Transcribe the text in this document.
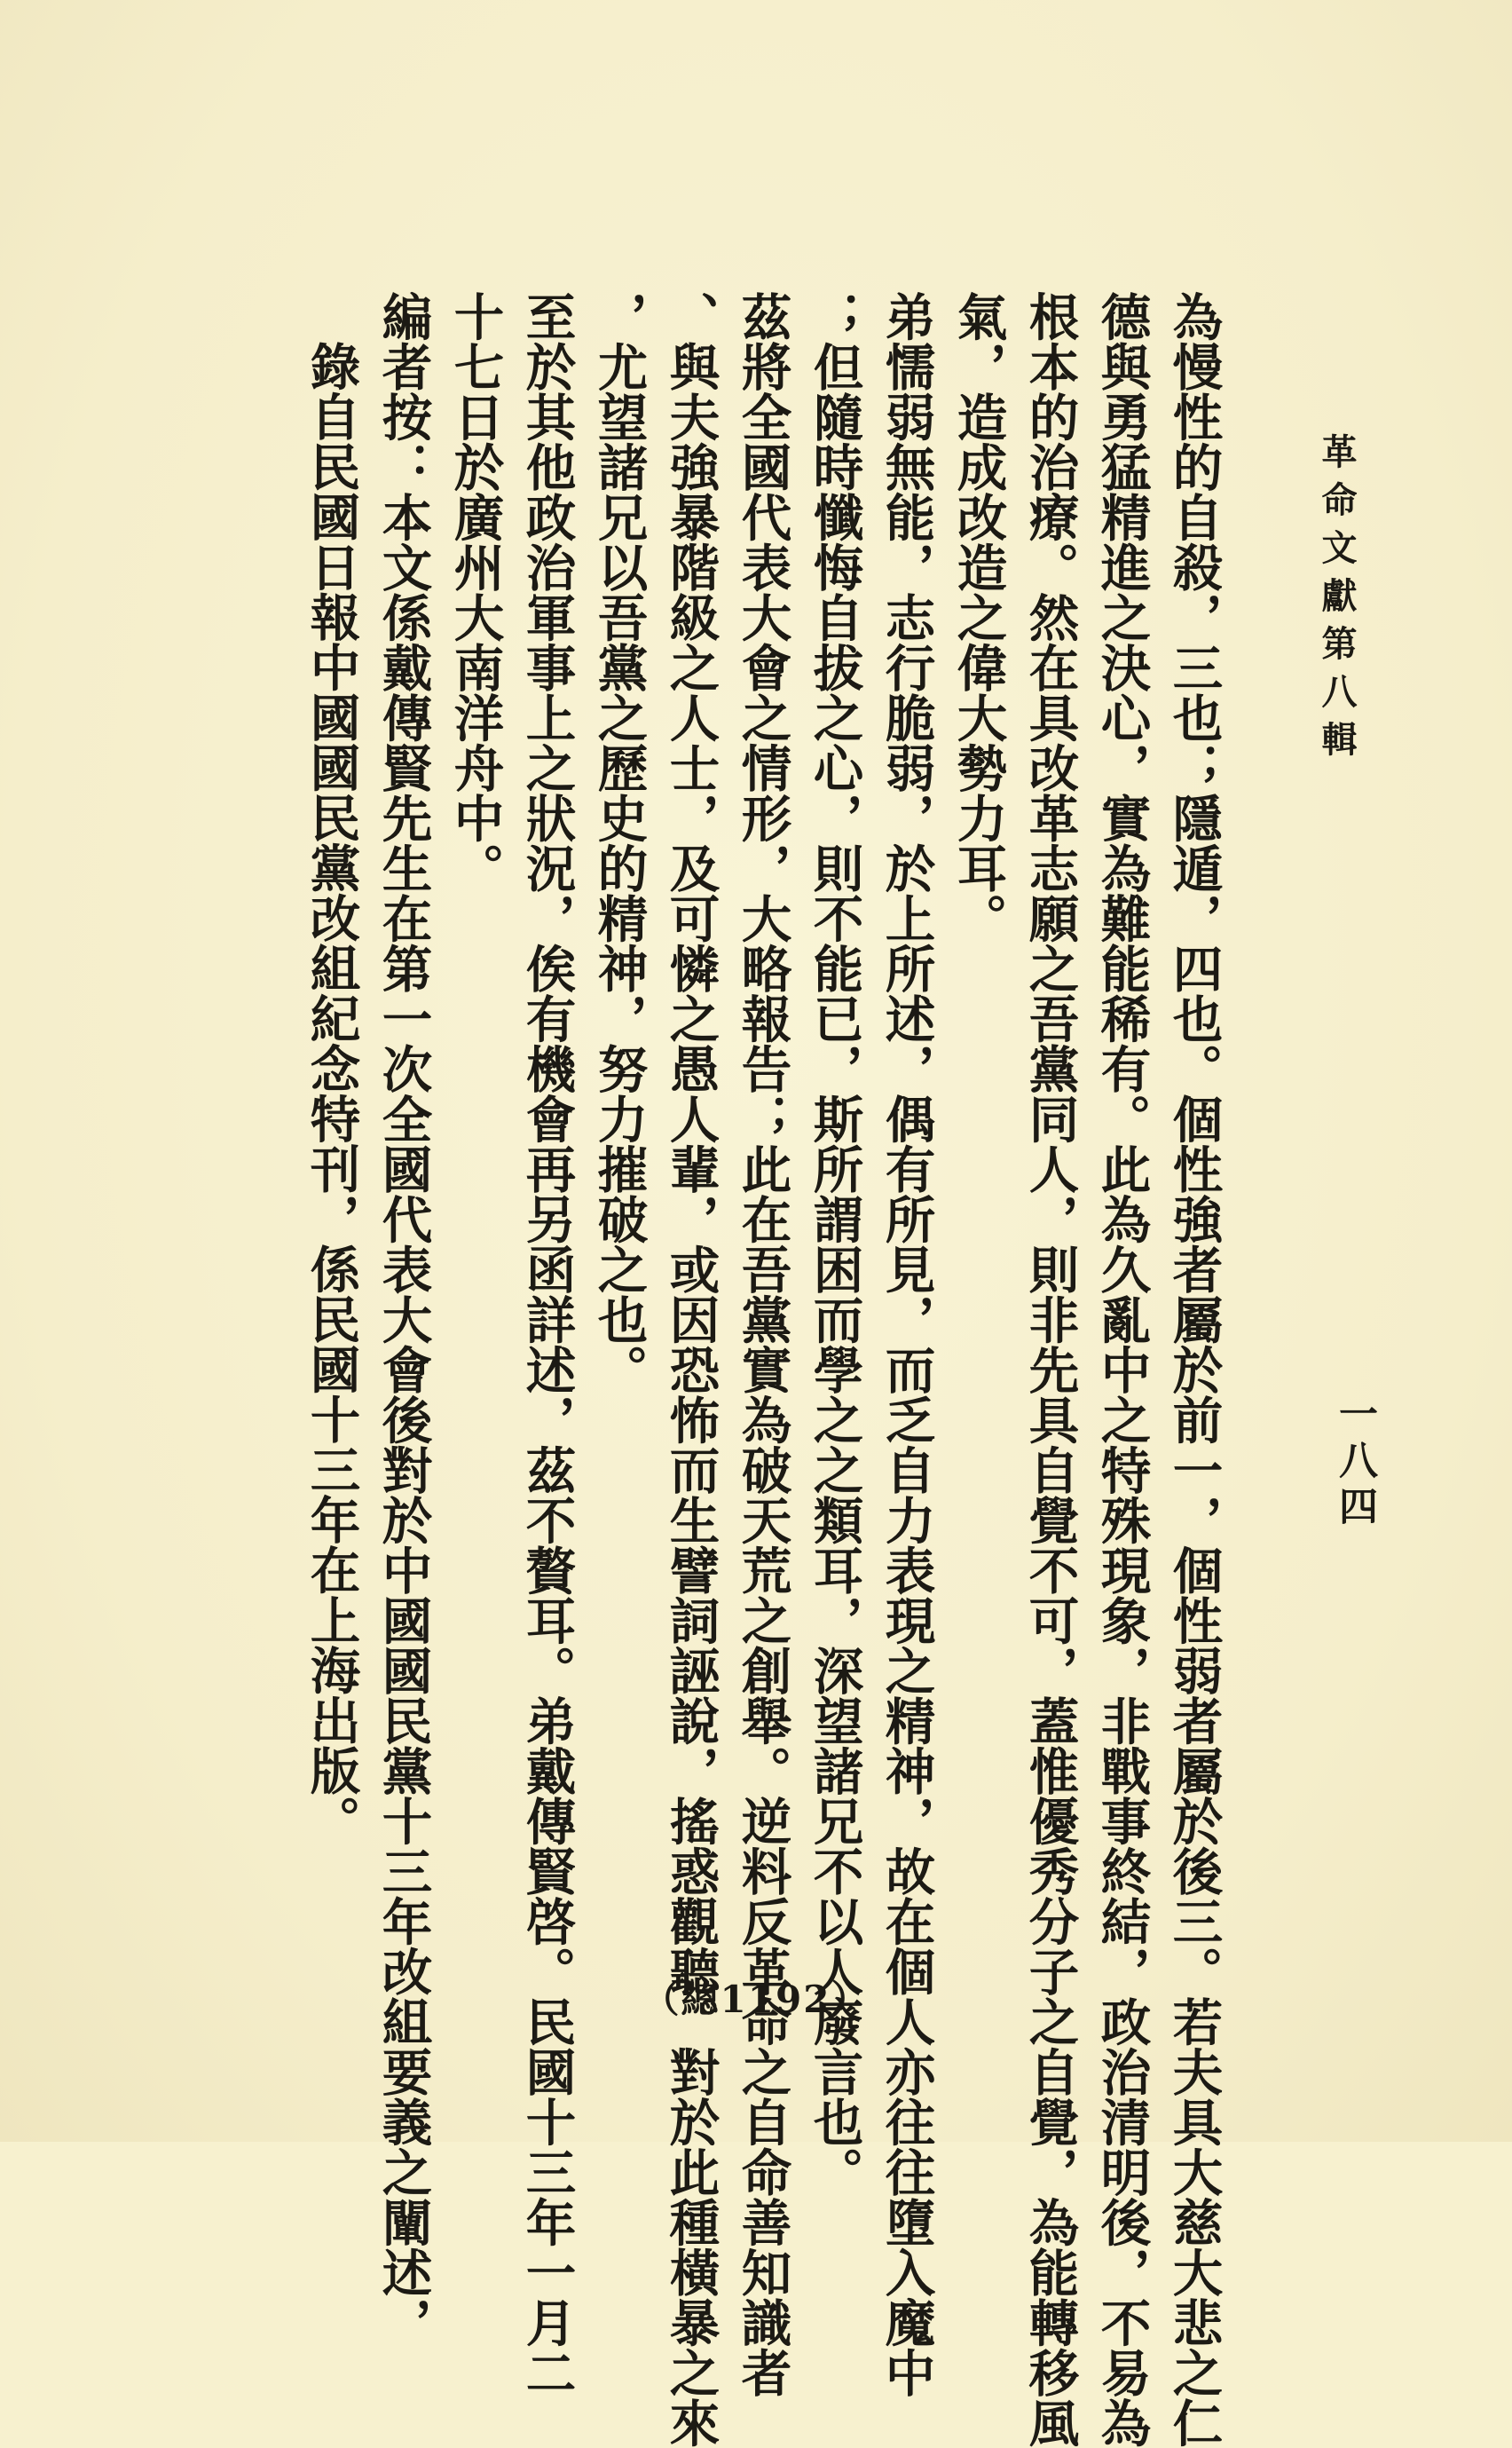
革命文獻第八輯
一八四
為慢性的自殺，三也；隱遁，四也。個性強者屬於前一，個性弱者屬於後三。若夫具大慈大悲之仁
德與勇猛精進之決心，實為難能稀有。此為久亂中之特殊現象，非戰事終結，政治清明後，不易為
根本的治療。然在具改革志願之吾黨同人，則非先具自覺不可，蓋惟優秀分子之自覺，為能轉移風
氣，造成改造之偉大勢力耳。
弟懦弱無能，志行脆弱，於上所述，偶有所見，而乏自力表現之精神，故在個人亦往往墮入魔中
；但隨時懺悔自拔之心，則不能已，斯所謂困而學之之類耳，深望諸兄不以人廢言也。
茲將全國代表大會之情形，大略報告；此在吾黨實為破天荒之創舉。逆料反革命之自命善知識者
、與夫強暴階級之人士，及可憐之愚人輩，或因恐怖而生譬詞誣說，搖惑觀聽。對於此種橫暴之來
，尤望諸兄以吾黨之歷史的精神，努力摧破之也。
至於其他政治軍事上之狀況，俟有機會再另函詳述，茲不贅耳。弟戴傳賢啓。民國十三年一月二
十七日於廣州大南洋舟中。
編者按：本文係戴傳賢先生在第一次全國代表大會後對於中國國民黨十三年改組要義之闡述，
錄自民國日報中國國民黨改組紀念特刊，係民國十三年在上海出版。
（總1192）
